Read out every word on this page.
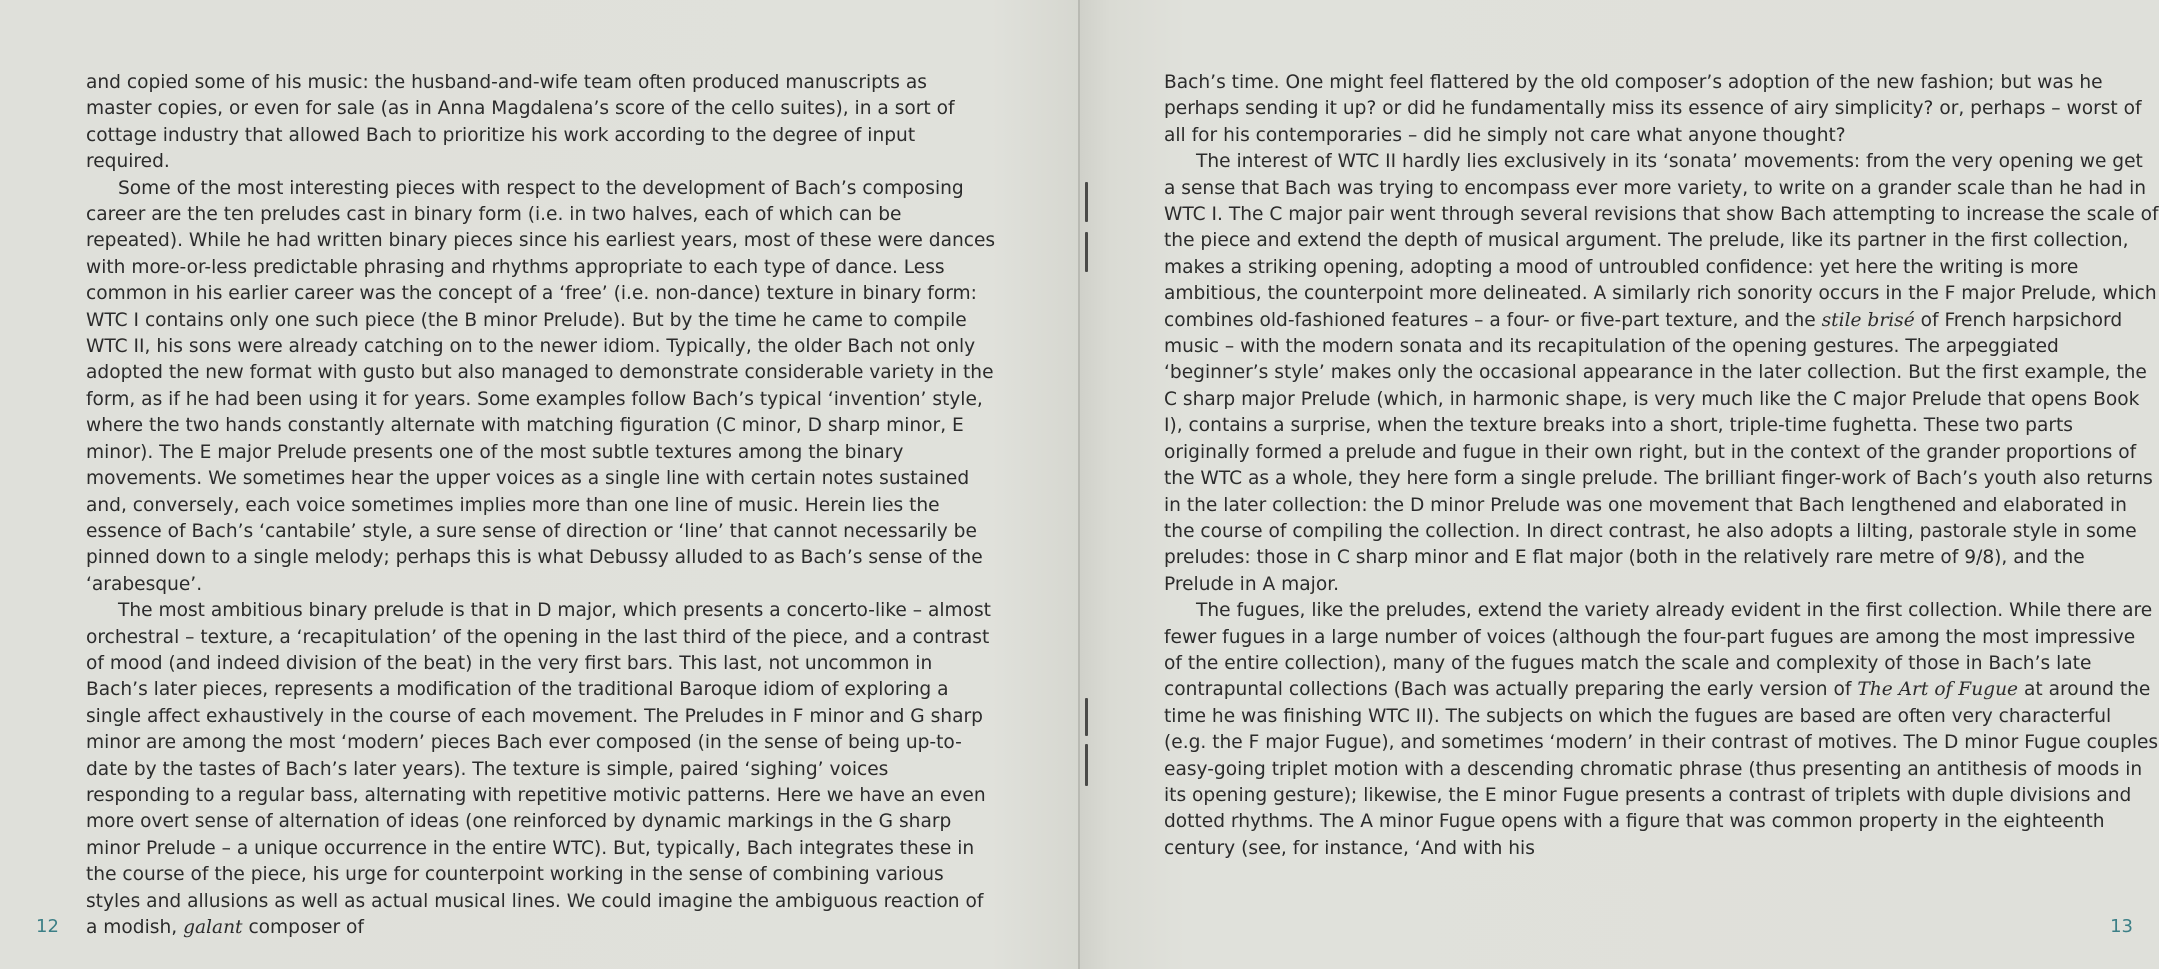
and copied some of his music: the husband-and-wife team often produced manuscripts as master copies, or even for sale (as in Anna Magdalena’s score of the cello suites), in a sort of cottage industry that allowed Bach to prioritize his work according to the degree of input required.

Some of the most interesting pieces with respect to the development of Bach’s composing career are the ten preludes cast in binary form (i.e. in two halves, each of which can be repeated). While he had written binary pieces since his earliest years, most of these were dances with more-or-less predictable phrasing and rhythms appropriate to each type of dance. Less common in his earlier career was the concept of a ‘free’ (i.e. non-dance) texture in binary form: WTC I contains only one such piece (the B minor Prelude). But by the time he came to compile WTC II, his sons were already catching on to the newer idiom. Typically, the older Bach not only adopted the new format with gusto but also managed to demonstrate considerable variety in the form, as if he had been using it for years. Some examples follow Bach’s typical ‘invention’ style, where the two hands constantly alternate with matching figuration (C minor, D sharp minor, E minor). The E major Prelude presents one of the most subtle textures among the binary movements. We sometimes hear the upper voices as a single line with certain notes sustained and, conversely, each voice sometimes implies more than one line of music. Herein lies the essence of Bach’s ‘cantabile’ style, a sure sense of direction or ‘line’ that cannot necessarily be pinned down to a single melody; perhaps this is what Debussy alluded to as Bach’s sense of the ‘arabesque’.

The most ambitious binary prelude is that in D major, which presents a concerto-like – almost orchestral – texture, a ‘recapitulation’ of the opening in the last third of the piece, and a contrast of mood (and indeed division of the beat) in the very first bars. This last, not uncommon in Bach’s later pieces, represents a modification of the traditional Baroque idiom of exploring a single affect exhaustively in the course of each movement. The Preludes in F minor and G sharp minor are among the most ‘modern’ pieces Bach ever composed (in the sense of being up-to-date by the tastes of Bach’s later years). The texture is simple, paired ‘sighing’ voices responding to a regular bass, alternating with repetitive motivic patterns. Here we have an even more overt sense of alternation of ideas (one reinforced by dynamic markings in the G sharp minor Prelude – a unique occurrence in the entire WTC). But, typically, Bach integrates these in the course of the piece, his urge for counterpoint working in the sense of combining various styles and allusions as well as actual musical lines. We could imagine the ambiguous reaction of a modish, galant composer of

12

Bach’s time. One might feel flattered by the old composer’s adoption of the new fashion; but was he perhaps sending it up? or did he fundamentally miss its essence of airy simplicity? or, perhaps – worst of all for his contemporaries – did he simply not care what anyone thought?

The interest of WTC II hardly lies exclusively in its ‘sonata’ movements: from the very opening we get a sense that Bach was trying to encompass ever more variety, to write on a grander scale than he had in WTC I. The C major pair went through several revisions that show Bach attempting to increase the scale of the piece and extend the depth of musical argument. The prelude, like its partner in the first collection, makes a striking opening, adopting a mood of untroubled confidence: yet here the writing is more ambitious, the counterpoint more delineated. A similarly rich sonority occurs in the F major Prelude, which combines old-fashioned features – a four- or five-part texture, and the stile brisé of French harpsichord music – with the modern sonata and its recapitulation of the opening gestures. The arpeggiated ‘beginner’s style’ makes only the occasional appearance in the later collection. But the first example, the C sharp major Prelude (which, in harmonic shape, is very much like the C major Prelude that opens Book I), contains a surprise, when the texture breaks into a short, triple-time fughetta. These two parts originally formed a prelude and fugue in their own right, but in the context of the grander proportions of the WTC as a whole, they here form a single prelude. The brilliant finger-work of Bach’s youth also returns in the later collection: the D minor Prelude was one movement that Bach lengthened and elaborated in the course of compiling the collection. In direct contrast, he also adopts a lilting, pastorale style in some preludes: those in C sharp minor and E flat major (both in the relatively rare metre of 9/8), and the Prelude in A major.

The fugues, like the preludes, extend the variety already evident in the first collection. While there are fewer fugues in a large number of voices (although the four-part fugues are among the most impressive of the entire collection), many of the fugues match the scale and complexity of those in Bach’s late contrapuntal collections (Bach was actually preparing the early version of The Art of Fugue at around the time he was finishing WTC II). The subjects on which the fugues are based are often very characterful (e.g. the F major Fugue), and sometimes ‘modern’ in their contrast of motives. The D minor Fugue couples easy-going triplet motion with a descending chromatic phrase (thus presenting an antithesis of moods in its opening gesture); likewise, the E minor Fugue presents a contrast of triplets with duple divisions and dotted rhythms. The A minor Fugue opens with a figure that was common property in the eighteenth century (see, for instance, ‘And with his

13
